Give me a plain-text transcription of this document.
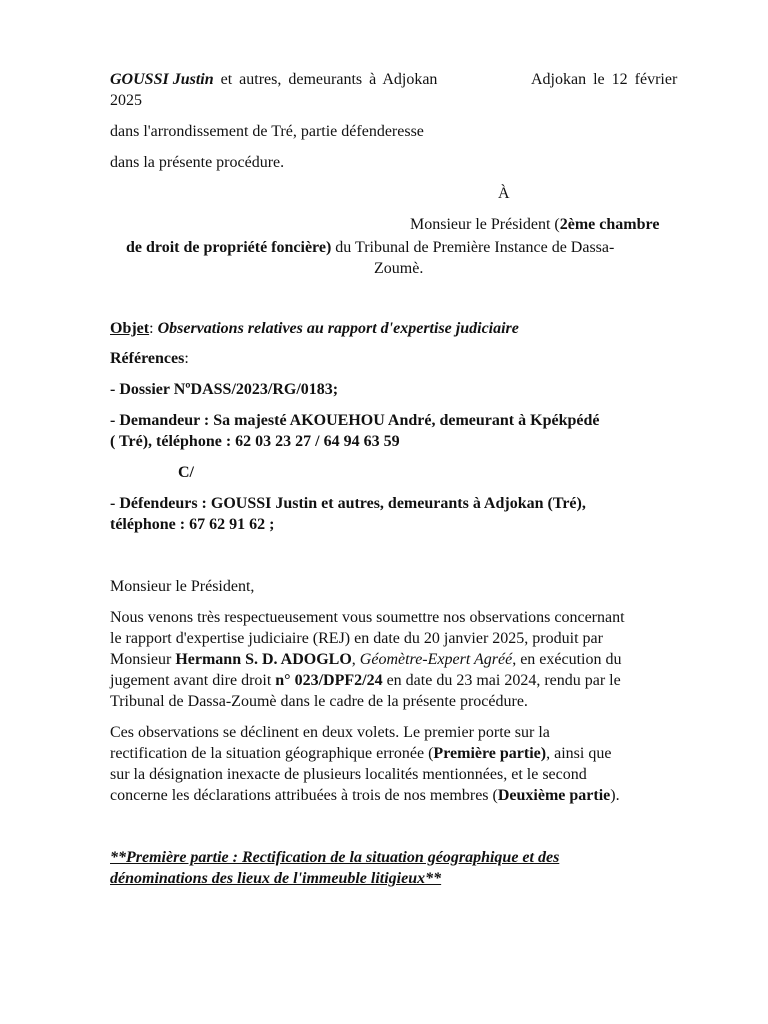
GOUSSI Justin et autres, demeurants à Adjokan	Adjokan le 12 février
2025
dans l'arrondissement de Tré, partie défenderesse
dans la présente procédure.
À
Monsieur le Président (2ème chambre
de droit de propriété foncière) du Tribunal de Première Instance de Dassa-
Zoumè.
Objet: Observations relatives au rapport d'expertise judiciaire
Références:
- Dossier NºDASS/2023/RG/0183;
- Demandeur : Sa majesté AKOUEHOU André, demeurant à Kpékpédé
( Tré), téléphone : 62 03 23 27 / 64 94 63 59
C/
- Défendeurs : GOUSSI Justin et autres, demeurants à Adjokan (Tré),
téléphone : 67 62 91 62 ;
Monsieur le Président,
Nous venons très respectueusement vous soumettre nos observations concernant
le rapport d'expertise judiciaire (REJ) en date du 20 janvier 2025, produit par
Monsieur Hermann S. D. ADOGLO, Géomètre-Expert Agréé, en exécution du
jugement avant dire droit n° 023/DPF2/24 en date du 23 mai 2024, rendu par le
Tribunal de Dassa-Zoumè dans le cadre de la présente procédure.
Ces observations se déclinent en deux volets. Le premier porte sur la
rectification de la situation géographique erronée (Première partie), ainsi que
sur la désignation inexacte de plusieurs localités mentionnées, et le second
concerne les déclarations attribuées à trois de nos membres (Deuxième partie).
**Première partie : Rectification de la situation géographique et des
dénominations des lieux de l'immeuble litigieux**
